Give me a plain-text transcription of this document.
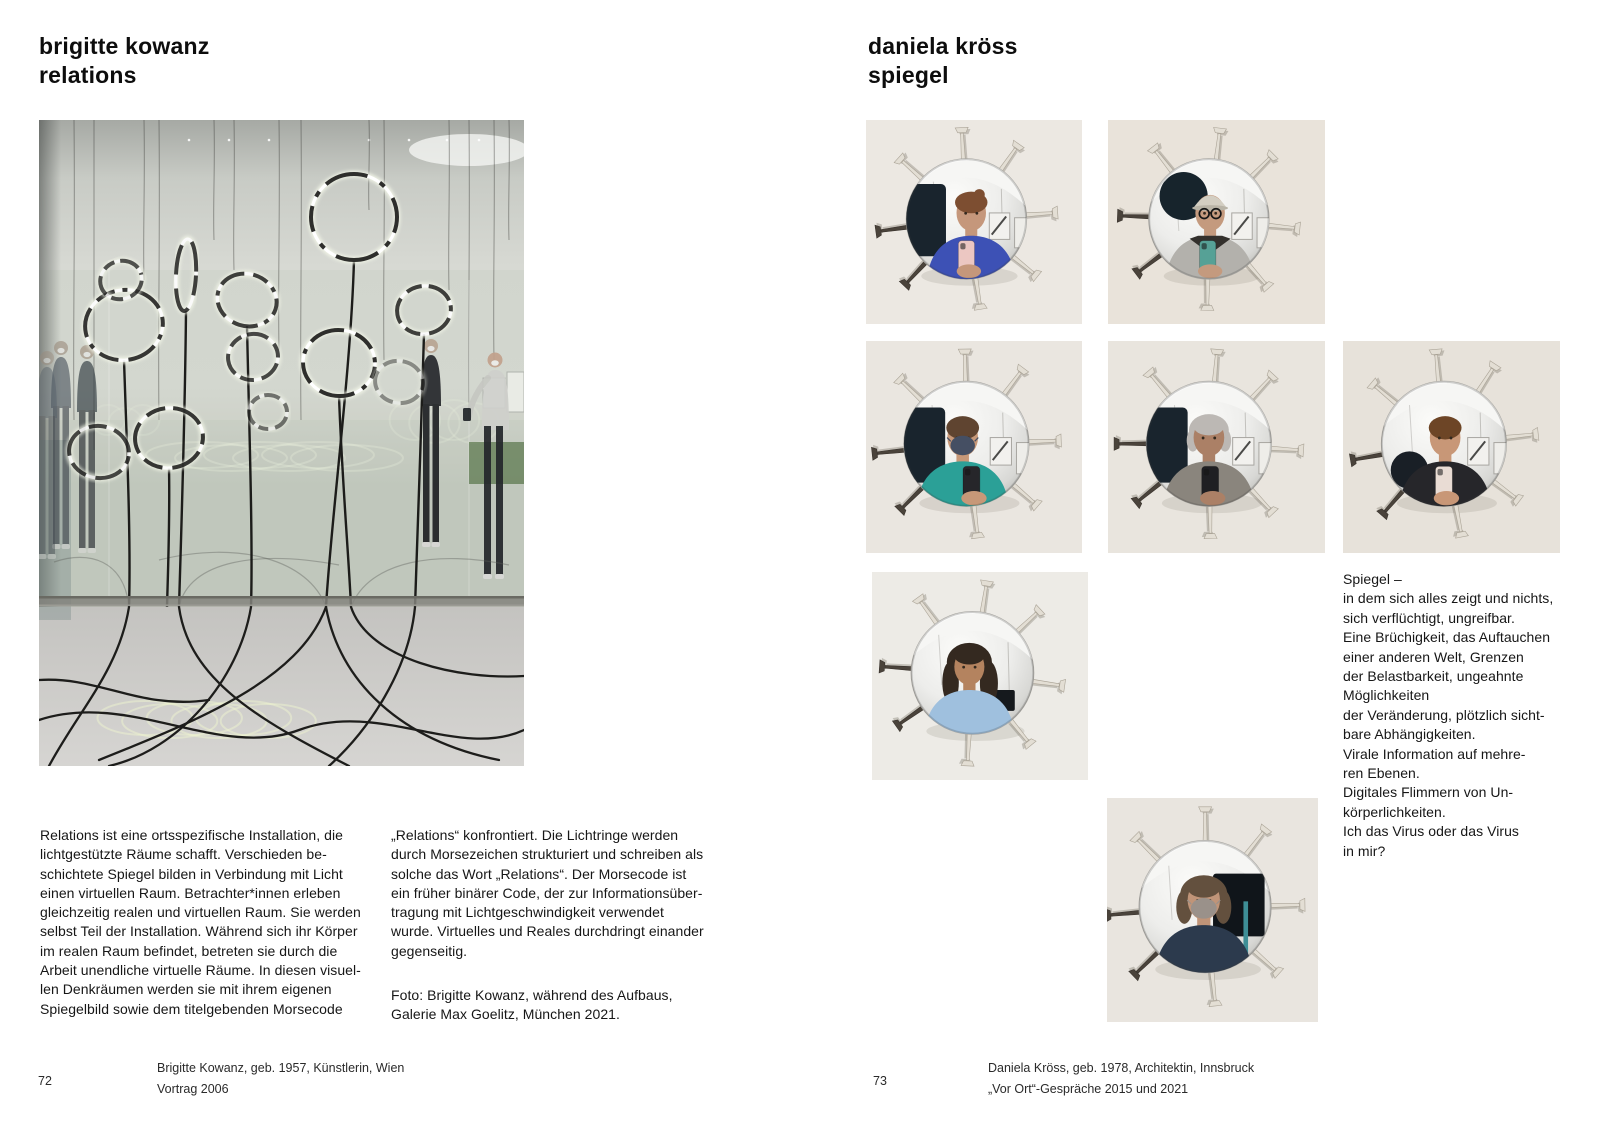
brigitte kowanz
relations
Relations ist eine ortsspezifische Installation, die
lichtgestützte Räume schafft. Verschieden be-
schichtete Spiegel bilden in Verbindung mit Licht
einen virtuellen Raum. Betrachter*innen erleben
gleichzeitig realen und virtuellen Raum. Sie werden
selbst Teil der Installation. Während sich ihr Körper
im realen Raum befindet, betreten sie durch die
Arbeit unendliche virtuelle Räume. In diesen visuel-
len Denkräumen werden sie mit ihrem eigenen
Spiegelbild sowie dem titelgebenden Morsecode
„Relations“ konfrontiert. Die Lichtringe werden
durch Morsezeichen strukturiert und schreiben als
solche das Wort „Relations“. Der Morsecode ist
ein früher binärer Code, der zur Informationsüber-
tragung mit Lichtgeschwindigkeit verwendet
wurde. Virtuelles und Reales durchdringt einander
gegenseitig.
Foto: Brigitte Kowanz, während des Aufbaus,
Galerie Max Goelitz, München 2021.
72
Brigitte Kowanz, geb. 1957, Künstlerin, Wien
Vortrag 2006
daniela kröss
spiegel
Spiegel –
in dem sich alles zeigt und nichts,
sich verflüchtigt, ungreifbar.
Eine Brüchigkeit, das Auftauchen
einer anderen Welt, Grenzen
der Belastbarkeit, ungeahnte
Möglichkeiten
der Veränderung, plötzlich sicht-
bare Abhängigkeiten.
Virale Information auf mehre-
ren Ebenen.
Digitales Flimmern von Un-
körperlichkeiten.
Ich das Virus oder das Virus
in mir?
73
Daniela Kröss, geb. 1978, Architektin, Innsbruck
„Vor Ort“-Gespräche 2015 und 2021
